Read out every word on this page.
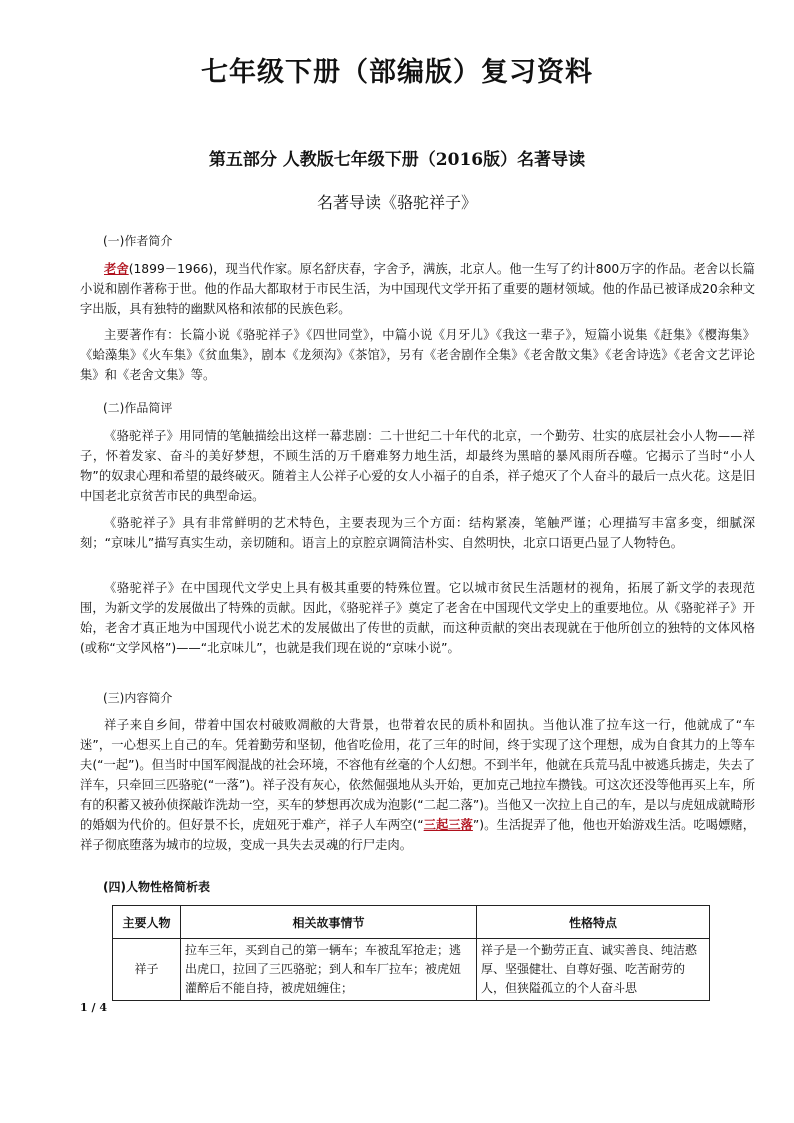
七年级下册（部编版）复习资料
第五部分 人教版七年级下册（2016版）名著导读
名著导读《骆驼祥子》
(一)作者简介

老舍(1899－1966)，现当代作家。原名舒庆春，字舍予，满族，北京人。他一生写了约计800万字的作品。老舍以长篇小说和剧作著称于世。他的作品大都取材于市民生活，为中国现代文学开拓了重要的题材领域。他的作品已被译成20余种文字出版，具有独特的幽默风格和浓郁的民族色彩。

主要著作有：长篇小说《骆驼祥子》《四世同堂》，中篇小说《月牙儿》《我这一辈子》，短篇小说集《赶集》《樱海集》《蛤藻集》《火车集》《贫血集》，剧本《龙须沟》《茶馆》，另有《老舍剧作全集》《老舍散文集》《老舍诗选》《老舍文艺评论集》和《老舍文集》等。

(二)作品简评

《骆驼祥子》用同情的笔触描绘出这样一幕悲剧：二十世纪二十年代的北京，一个勤劳、壮实的底层社会小人物——祥子，怀着发家、奋斗的美好梦想，不顾生活的万千磨难努力地生活，却最终为黑暗的暴风雨所吞噬。它揭示了当时“小人物”的奴隶心理和希望的最终破灭。随着主人公祥子心爱的女人小福子的自杀，祥子熄灭了个人奋斗的最后一点火花。这是旧中国老北京贫苦市民的典型命运。

《骆驼祥子》具有非常鲜明的艺术特色，主要表现为三个方面：结构紧凑，笔触严谨；心理描写丰富多变，细腻深刻；“京味儿”描写真实生动，亲切随和。语言上的京腔京调简洁朴实、自然明快，北京口语更凸显了人物特色。

《骆驼祥子》在中国现代文学史上具有极其重要的特殊位置。它以城市贫民生活题材的视角，拓展了新文学的表现范围，为新文学的发展做出了特殊的贡献。因此，《骆驼祥子》奠定了老舍在中国现代文学史上的重要地位。从《骆驼祥子》开始，老舍才真正地为中国现代小说艺术的发展做出了传世的贡献，而这种贡献的突出表现就在于他所创立的独特的文体风格(或称“文学风格”)——“北京味儿”，也就是我们现在说的“京味小说”。

(三)内容简介

祥子来自乡间，带着中国农村破败凋敝的大背景，也带着农民的质朴和固执。当他认准了拉车这一行，他就成了“车迷”，一心想买上自己的车。凭着勤劳和坚韧，他省吃俭用，花了三年的时间，终于实现了这个理想，成为自食其力的上等车夫(“一起”)。但当时中国军阀混战的社会环境，不容他有丝毫的个人幻想。不到半年，他就在兵荒马乱中被逃兵掳走，失去了洋车，只牵回三匹骆驼(“一落”)。祥子没有灰心，依然倔强地从头开始，更加克己地拉车攒钱。可这次还没等他再买上车，所有的积蓄又被孙侦探敲诈洗劫一空，买车的梦想再次成为泡影(“二起二落”)。当他又一次拉上自己的车，是以与虎妞成就畸形的婚姻为代价的。但好景不长，虎妞死于难产，祥子人车两空(“三起三落”)。生活捉弄了他，他也开始游戏生活。吃喝嫖赌，祥子彻底堕落为城市的垃圾，变成一具失去灵魂的行尸走肉。

(四)人物性格简析表
主要人物	相关故事情节	性格特点
祥子	拉车三年，买到自己的第一辆车；车被乱军抢走；逃出虎口，拉回了三匹骆驼；到人和车厂拉车；被虎妞灌醉后不能自持，被虎妞缠住；	祥子是一个勤劳正直、诚实善良、纯洁憨厚、坚强健壮、自尊好强、吃苦耐劳的人，但狭隘孤立的个人奋斗思
1 / 4
